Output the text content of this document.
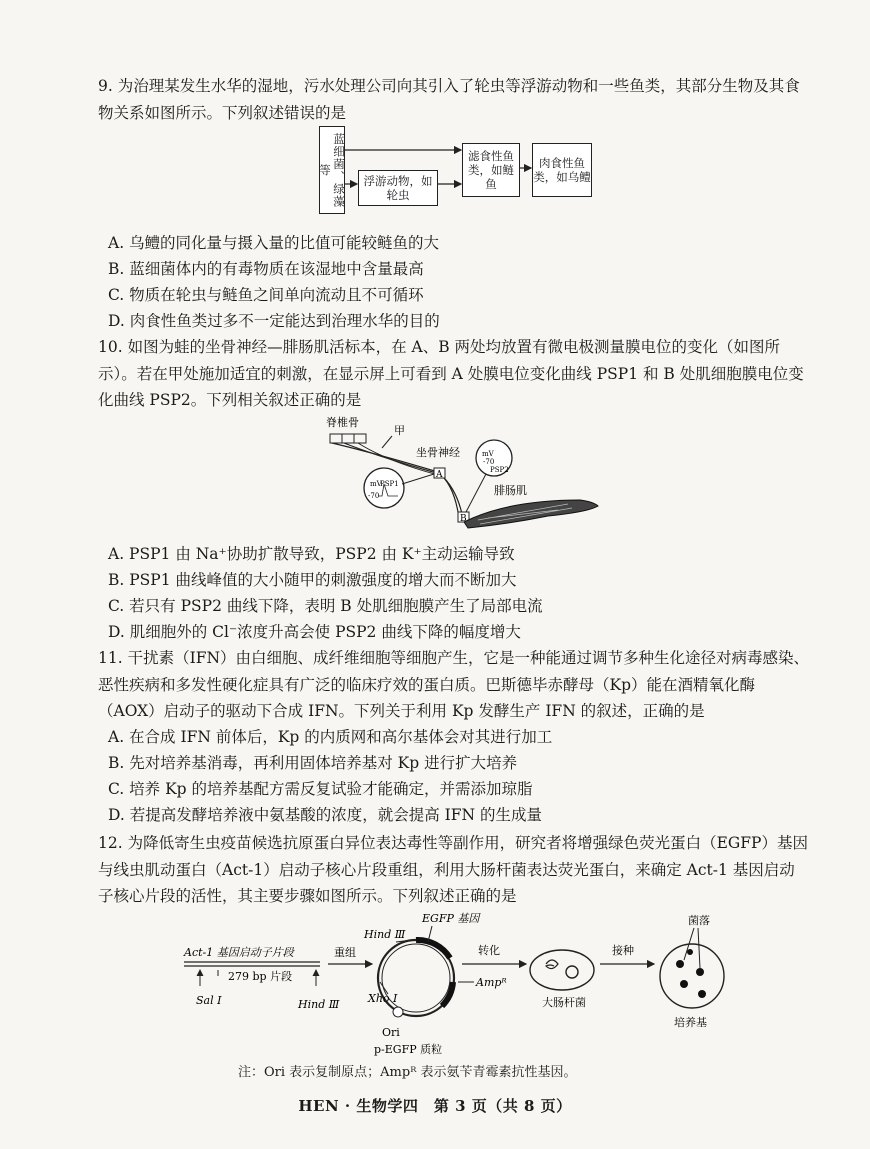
9. 为治理某发生水华的湿地，污水处理公司向其引入了轮虫等浮游动物和一些鱼类，其部分生物及其食物关系如图所示。下列叙述错误的是
蓝细菌、绿藻等
浮游动物，如轮虫
滤食性鱼类，如鲢鱼
肉食性鱼类，如乌鳢
A. 乌鳢的同化量与摄入量的比值可能较鲢鱼的大
B. 蓝细菌体内的有毒物质在该湿地中含量最高
C. 物质在轮虫与鲢鱼之间单向流动且不可循环
D. 肉食性鱼类过多不一定能达到治理水华的目的
10. 如图为蛙的坐骨神经—腓肠肌活标本，在 A、B 两处均放置有微电极测量膜电位的变化（如图所示）。若在甲处施加适宜的刺激，在显示屏上可看到 A 处膜电位变化曲线 PSP1 和 B 处肌细胞膜电位变化曲线 PSP2。下列相关叙述正确的是
脊椎骨
甲
坐骨神经
腓肠肌
A
B
mV
PSP1
-70
mV
-70
PSP2
A. PSP1 由 Na⁺协助扩散导致，PSP2 由 K⁺主动运输导致
B. PSP1 曲线峰值的大小随甲的刺激强度的增大而不断加大
C. 若只有 PSP2 曲线下降，表明 B 处肌细胞膜产生了局部电流
D. 肌细胞外的 Cl⁻浓度升高会使 PSP2 曲线下降的幅度增大
11. 干扰素（IFN）由白细胞、成纤维细胞等细胞产生，它是一种能通过调节多种生化途径对病毒感染、恶性疾病和多发性硬化症具有广泛的临床疗效的蛋白质。巴斯德毕赤酵母（Kp）能在酒精氧化酶（AOX）启动子的驱动下合成 IFN。下列关于利用 Kp 发酵生产 IFN 的叙述，正确的是
A. 在合成 IFN 前体后，Kp 的内质网和高尔基体会对其进行加工
B. 先对培养基消毒，再利用固体培养基对 Kp 进行扩大培养
C. 培养 Kp 的培养基配方需反复试验才能确定，并需添加琼脂
D. 若提高发酵培养液中氨基酸的浓度，就会提高 IFN 的生成量
12. 为降低寄生虫疫苗候选抗原蛋白异位表达毒性等副作用，研究者将增强绿色荧光蛋白（EGFP）基因与线虫肌动蛋白（Act-1）启动子核心片段重组，利用大肠杆菌表达荧光蛋白，来确定 Act-1 基因启动子核心片段的活性，其主要步骤如图所示。下列叙述正确的是
Act-1 基因启动子片段
279 bp 片段
Sal Ⅰ	Hind Ⅲ
重组
EGFP 基因
Hind Ⅲ
Xho Ⅰ
Ori
p-EGFP 质粒
转化
Ampᴿ
大肠杆菌
接种
菌落
培养基
注：Ori 表示复制原点；Ampᴿ 表示氨苄青霉素抗性基因。
HEN · 生物学四　第 3 页（共 8 页）
